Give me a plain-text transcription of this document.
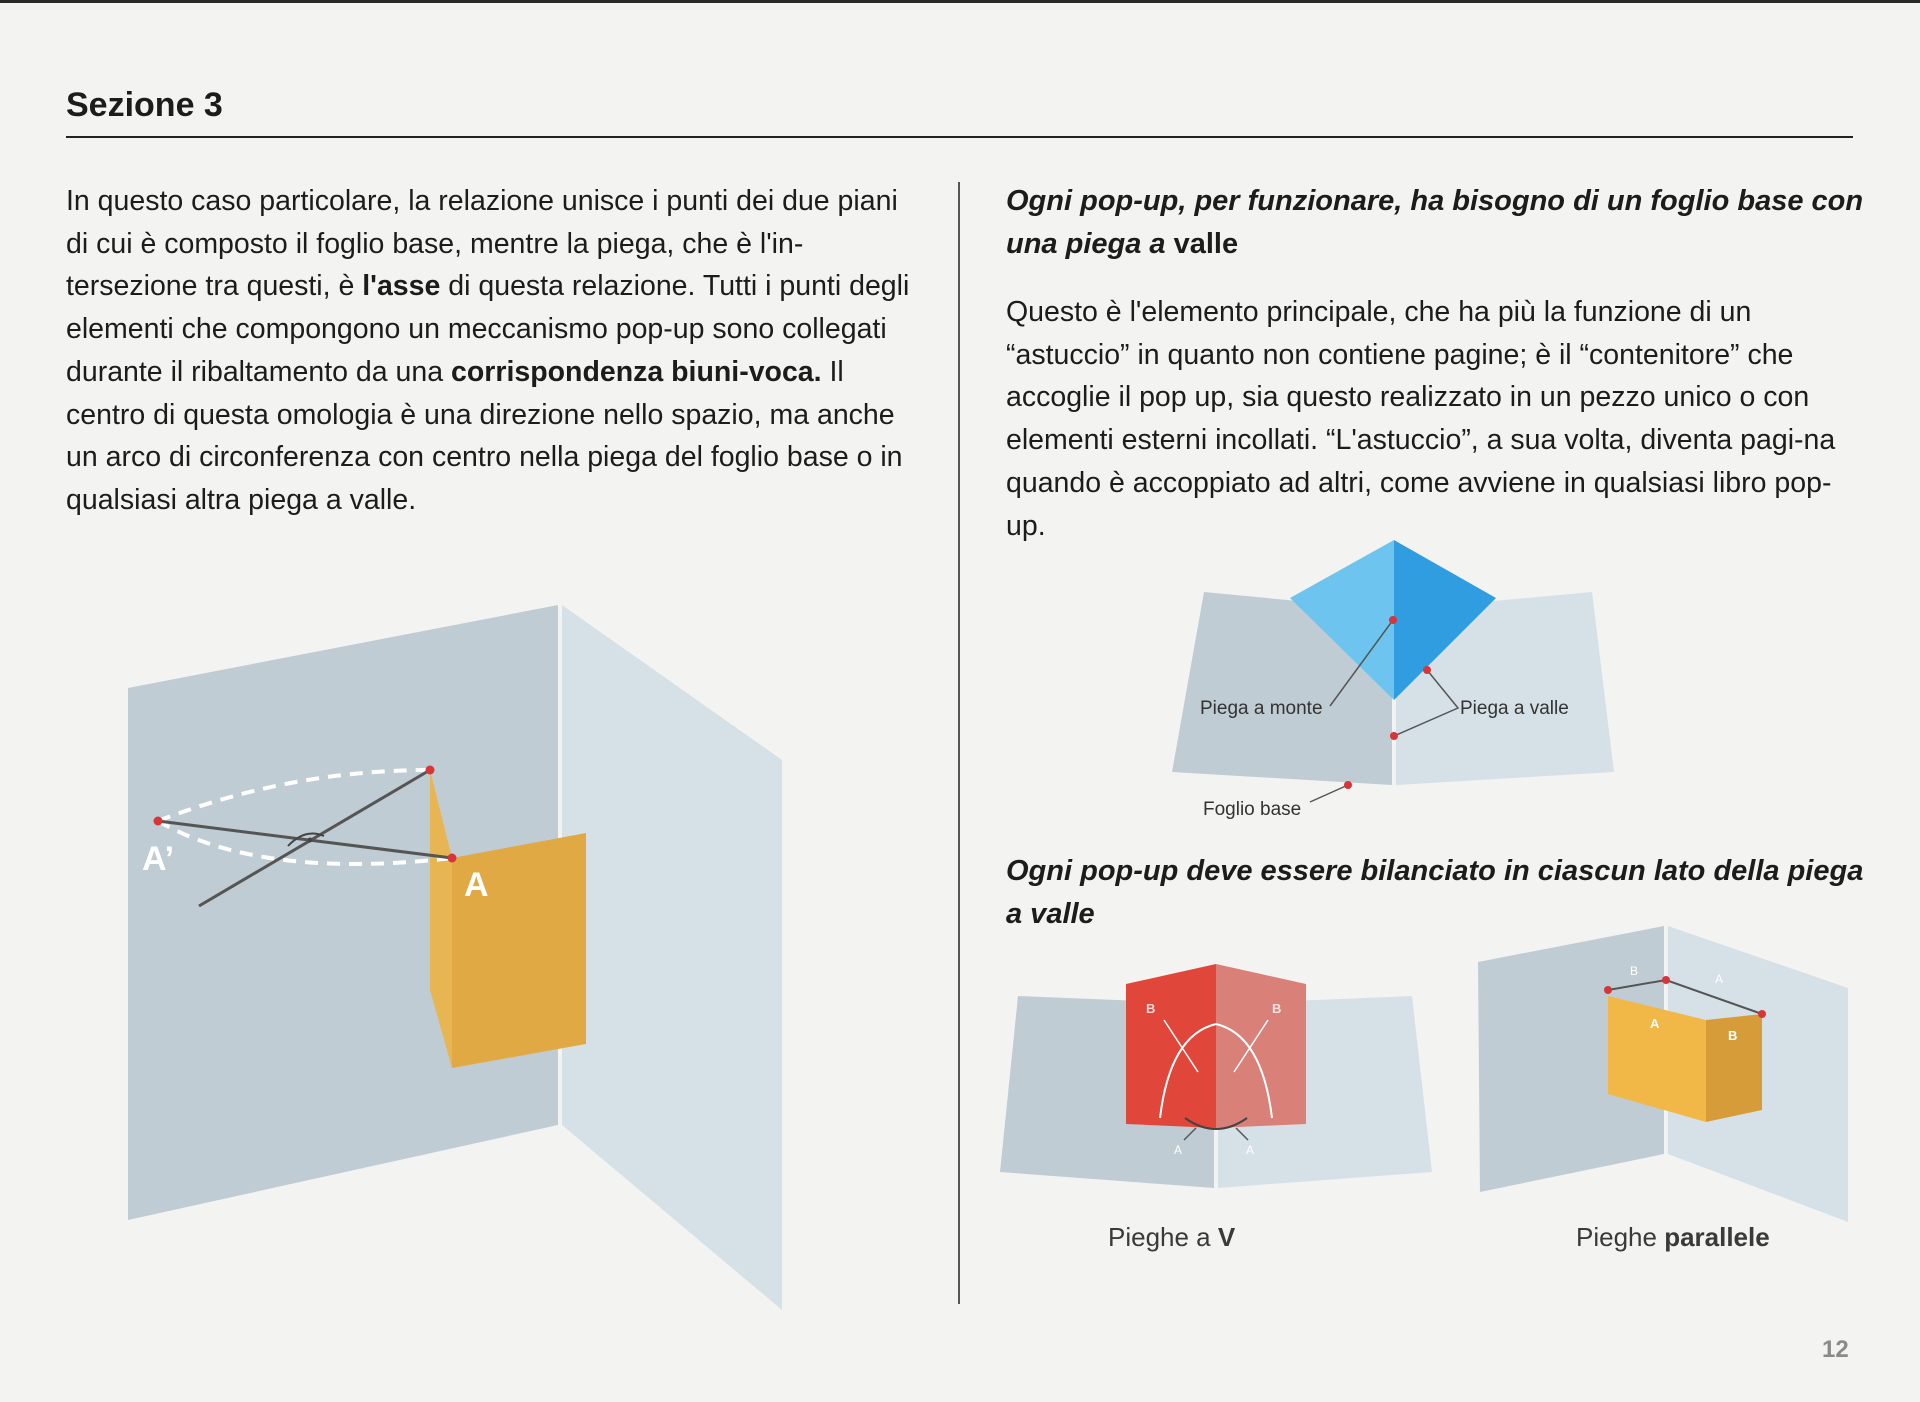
Sezione 3

In questo caso particolare, la relazione unisce i punti dei due piani di cui è composto il foglio base, mentre la piega, che è l'in-tersezione tra questi, è l'asse di questa relazione. Tutti i punti degli elementi che compongono un meccanismo pop-up sono collegati durante il ribaltamento da una corrispondenza biuni-voca. Il centro di questa omologia è una direzione nello spazio, ma anche un arco di circonferenza con centro nella piega del foglio base o in qualsiasi altra piega a valle.

A’
A

Ogni pop-up, per funzionare, ha bisogno di un foglio base con una piega a valle

Questo è l'elemento principale, che ha più la funzione di un “astuccio” in quanto non contiene pagine; è il “contenitore” che accoglie il pop up, sia questo realizzato in un pezzo unico o con elementi esterni incollati. “L'astuccio”, a sua volta, diventa pagi-na quando è accoppiato ad altri, come avviene in qualsiasi libro pop-up.

Piega a monte	Piega a valle
Foglio base

Ogni pop-up deve essere bilanciato in ciascun lato della piega a valle

B	B
A	A
B
A
A
B
Pieghe a V	Pieghe parallele
12
